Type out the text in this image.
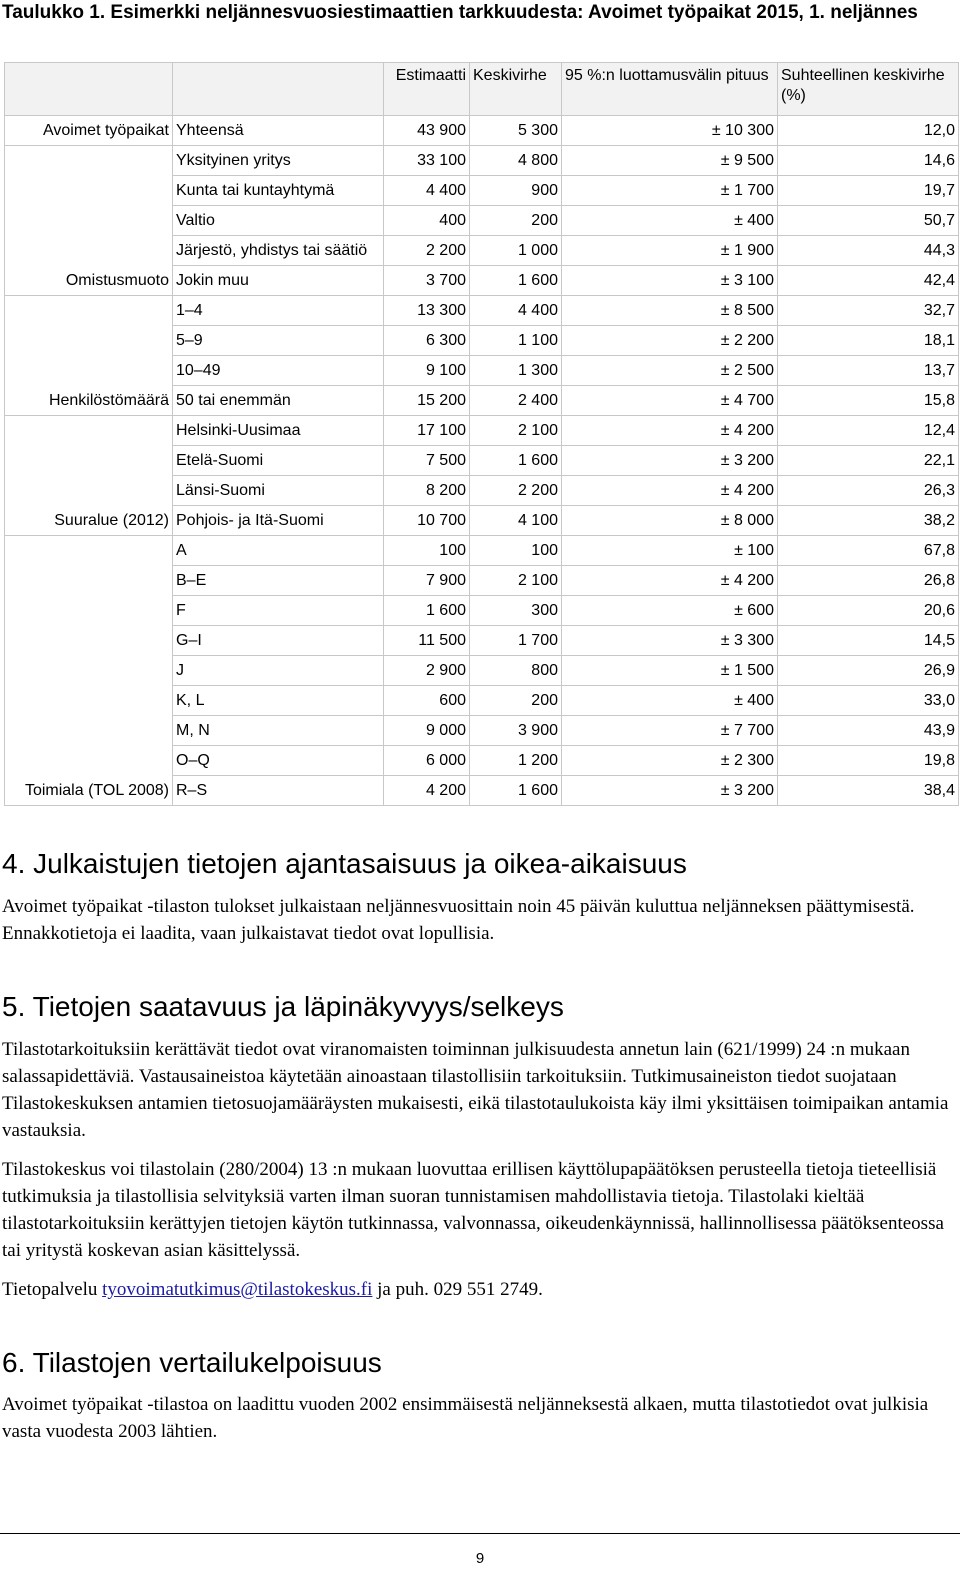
Taulukko 1. Esimerkki neljännesvuosiestimaattien tarkkuudesta: Avoimet työpaikat 2015, 1. neljännes
		Estimaatti	Keskivirhe	95 %:n luottamusvälin pituus	Suhteellinen keskivirhe (%)
Avoimet työpaikat	Yhteensä	43 900	5 300	± 10 300	12,0
Omistusmuoto	Yksityinen yritys	33 100	4 800	± 9 500	14,6
	Kunta tai kuntayhtymä	4 400	900	± 1 700	19,7
	Valtio	400	200	± 400	50,7
	Järjestö, yhdistys tai säätiö	2 200	1 000	± 1 900	44,3
	Jokin muu	3 700	1 600	± 3 100	42,4
Henkilöstömäärä	1–4	13 300	4 400	± 8 500	32,7
	5–9	6 300	1 100	± 2 200	18,1
	10–49	9 100	1 300	± 2 500	13,7
	50 tai enemmän	15 200	2 400	± 4 700	15,8
Suuralue (2012)	Helsinki-Uusimaa	17 100	2 100	± 4 200	12,4
	Etelä-Suomi	7 500	1 600	± 3 200	22,1
	Länsi-Suomi	8 200	2 200	± 4 200	26,3
	Pohjois- ja Itä-Suomi	10 700	4 100	± 8 000	38,2
Toimiala (TOL 2008)	A	100	100	± 100	67,8
	B–E	7 900	2 100	± 4 200	26,8
	F	1 600	300	± 600	20,6
	G–I	11 500	1 700	± 3 300	14,5
	J	2 900	800	± 1 500	26,9
	K, L	600	200	± 400	33,0
	M, N	9 000	3 900	± 7 700	43,9
	O–Q	6 000	1 200	± 2 300	19,8
	R–S	4 200	1 600	± 3 200	38,4
4. Julkaistujen tietojen ajantasaisuus ja oikea-aikaisuus

Avoimet työpaikat -tilaston tulokset julkaistaan neljännesvuosittain noin 45 päivän kuluttua neljänneksen päättymisestä. Ennakkotietoja ei laadita, vaan julkaistavat tiedot ovat lopullisia.

5. Tietojen saatavuus ja läpinäkyvyys/selkeys

Tilastotarkoituksiin kerättävät tiedot ovat viranomaisten toiminnan julkisuudesta annetun lain (621/1999) 24 :n mukaan salassapidettäviä. Vastausaineistoa käytetään ainoastaan tilastollisiin tarkoituksiin. Tutkimusaineiston tiedot suojataan Tilastokeskuksen antamien tietosuojamääräysten mukaisesti, eikä tilastotaulukoista käy ilmi yksittäisen toimipaikan antamia vastauksia.

Tilastokeskus voi tilastolain (280/2004) 13 :n mukaan luovuttaa erillisen käyttölupapäätöksen perusteella tietoja tieteellisiä tutkimuksia ja tilastollisia selvityksiä varten ilman suoran tunnistamisen mahdollistavia tietoja. Tilastolaki kieltää tilastotarkoituksiin kerättyjen tietojen käytön tutkinnassa, valvonnassa, oikeudenkäynnissä, hallinnollisessa päätöksenteossa tai yritystä koskevan asian käsittelyssä.

Tietopalvelu tyovoimatutkimus@tilastokeskus.fi ja puh. 029 551 2749.

6. Tilastojen vertailukelpoisuus

Avoimet työpaikat -tilastoa on laadittu vuoden 2002 ensimmäisestä neljänneksestä alkaen, mutta tilastotiedot ovat julkisia vasta vuodesta 2003 lähtien.

9
